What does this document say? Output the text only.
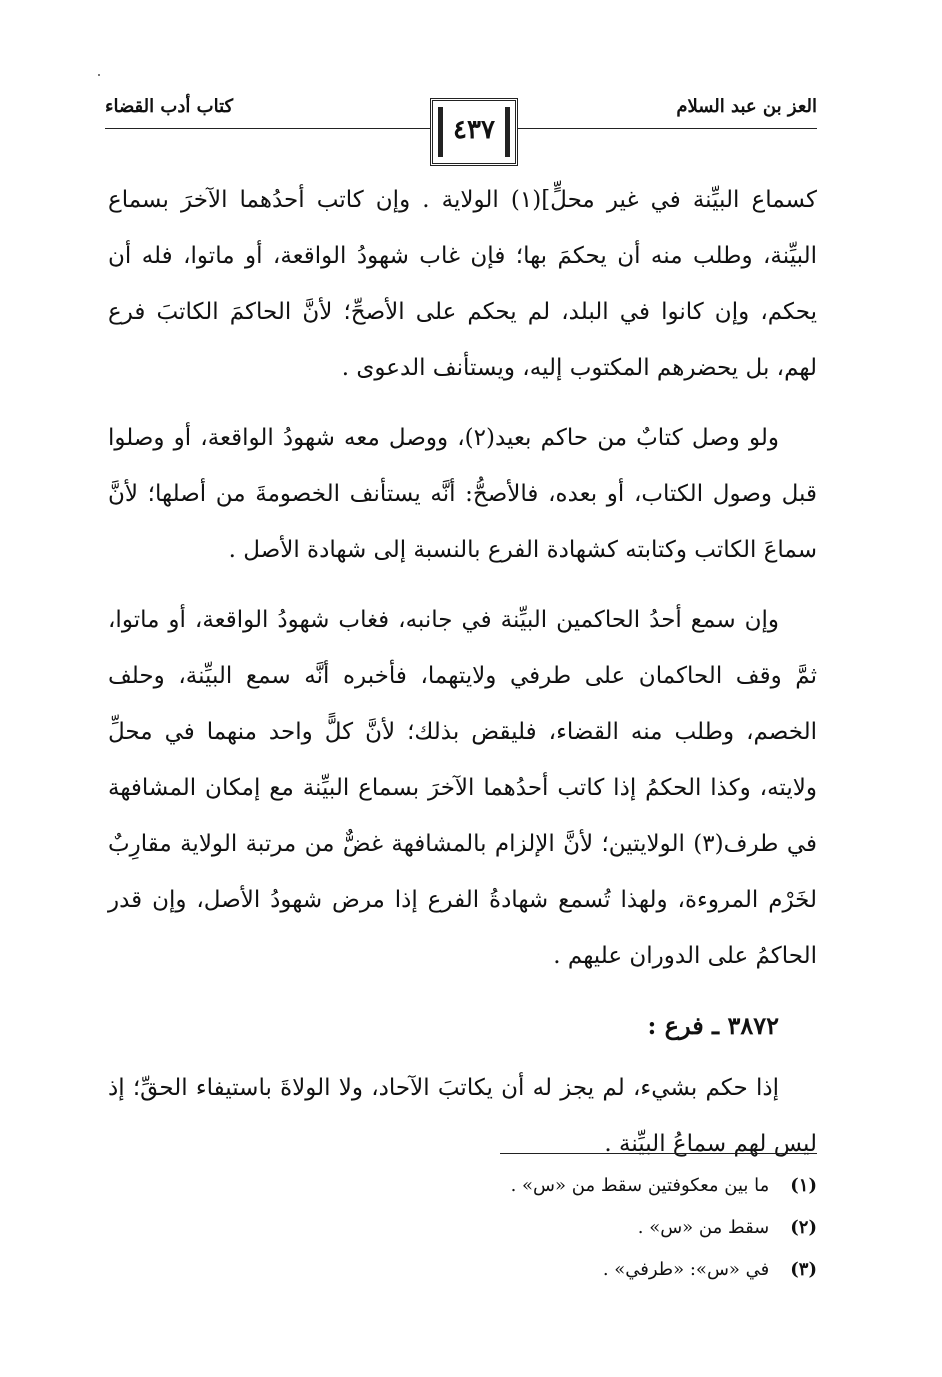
العز بن عبد السلام
كتاب أدب القضاء
٤٣٧

كسماع البيِّنة في غير محلٍّ](١) الولاية . وإن كاتب أحدُهما الآخرَ بسماع البيِّنة، وطلب منه أن يحكمَ بها؛ فإن غاب شهودُ الواقعة، أو ماتوا، فله أن يحكم، وإن كانوا في البلد، لم يحكم على الأصحِّ؛ لأنَّ الحاكمَ الكاتبَ فرع لهم، بل يحضرهم المكتوب إليه، ويستأنف الدعوى .

ولو وصل كتابٌ من حاكم بعيد(٢)، ووصل معه شهودُ الواقعة، أو وصلوا قبل وصول الكتاب، أو بعده، فالأصحُّ: أنَّه يستأنف الخصومةَ من أصلها؛ لأنَّ سماعَ الكاتب وكتابته كشهادة الفرع بالنسبة إلى شهادة الأصل .

وإن سمع أحدُ الحاكمين البيِّنة في جانبه، فغاب شهودُ الواقعة، أو ماتوا، ثمَّ وقف الحاكمان على طرفي ولايتهما، فأخبره أنَّه سمع البيِّنة، وحلف الخصم، وطلب منه القضاء، فليقض بذلك؛ لأنَّ كلًّ واحد منهما في محلِّ ولايته، وكذا الحكمُ إذا كاتب أحدُهما الآخرَ بسماع البيِّنة مع إمكان المشافهة في طرف(٣) الولايتين؛ لأنَّ الإلزام بالمشافهة غضٌّ من مرتبة الولاية مقارِبٌ لخَرْم المروءة، ولهذا تُسمع شهادةُ الفرع إذا مرض شهودُ الأصل، وإن قدر الحاكمُ على الدوران عليهم .

٣٨٧٢ ـ فرع :

إذا حكم بشيء، لم يجز له أن يكاتبَ الآحاد، ولا الولاةَ باستيفاء الحقِّ؛ إذ ليس لهم سماعُ البيِّنة .

(١) ما بين معكوفتين سقط من «س» .
(٢) سقط من «س» .
(٣) في «س»: «طرفي» .
